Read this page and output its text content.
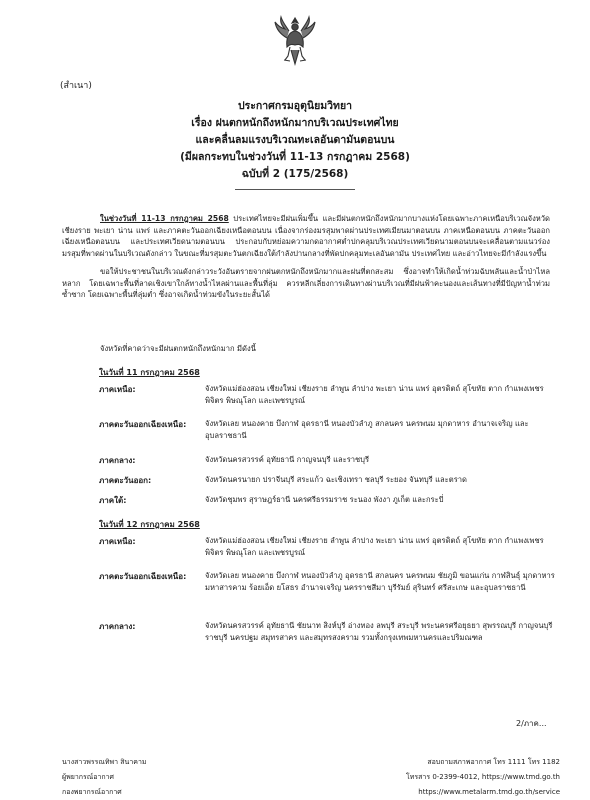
(สำเนา)
ประกาศกรมอุตุนิยมวิทยา
เรื่อง ฝนตกหนักถึงหนักมากบริเวณประเทศไทย
และคลื่นลมแรงบริเวณทะเลอันดามันตอนบน
(มีผลกระทบในช่วงวันที่ 11-13 กรกฎาคม 2568)
ฉบับที่ 2 (175/2568)
ในช่วงวันที่ 11-13 กรกฎาคม 2568 ประเทศไทยจะมีฝนเพิ่มขึ้น และมีฝนตกหนักถึงหนักมากบางแห่งโดยเฉพาะภาคเหนือบริเวณจังหวัดเชียงราย พะเยา น่าน แพร่ และภาคตะวันออกเฉียงเหนือตอนบน เนื่องจากร่องมรสุมพาดผ่านประเทศเมียนมาตอนบน ภาคเหนือตอนบน ภาคตะวันออกเฉียงเหนือตอนบน และประเทศเวียดนามตอนบน ประกอบกับหย่อมความกดอากาศต่ำปกคลุมบริเวณประเทศเวียดนามตอนบนจะเคลื่อนตามแนวร่องมรสุมที่พาดผ่านในบริเวณดังกล่าว ในขณะที่มรสุมตะวันตกเฉียงใต้กำลังปานกลางที่พัดปกคลุมทะเลอันดามัน ประเทศไทย และอ่าวไทยจะมีกำลังแรงขึ้น
ขอให้ประชาชนในบริเวณดังกล่าวระวังอันตรายจากฝนตกหนักถึงหนักมากและฝนที่ตกสะสม ซึ่งอาจทำให้เกิดน้ำท่วมฉับพลันและน้ำป่าไหลหลาก โดยเฉพาะพื้นที่ลาดเชิงเขาใกล้ทางน้ำไหลผ่านและพื้นที่ลุ่ม ควรหลีกเลี่ยงการเดินทางผ่านบริเวณที่มีฝนฟ้าคะนองและเส้นทางที่มีปัญหาน้ำท่วมซ้ำซาก โดยเฉพาะพื้นที่ลุ่มต่ำ ซึ่งอาจเกิดน้ำท่วมขังในระยะสั้นได้
จังหวัดที่คาดว่าจะมีฝนตกหนักถึงหนักมาก มีดังนี้
ในวันที่ 11 กรกฎาคม 2568
ภาคเหนือ:	จังหวัดแม่ฮ่องสอน เชียงใหม่ เชียงราย ลำพูน ลำปาง พะเยา น่าน แพร่ อุตรดิตถ์ สุโขทัย ตาก กำแพงเพชร พิจิตร พิษณุโลก และเพชรบูรณ์
ภาคตะวันออกเฉียงเหนือ: จังหวัดเลย หนองคาย บึงกาฬ อุดรธานี หนองบัวลำภู สกลนคร นครพนม มุกดาหาร อำนาจเจริญ และอุบลราชธานี
ภาคกลาง:	จังหวัดนครสวรรค์ อุทัยธานี กาญจนบุรี และราชบุรี
ภาคตะวันออก:	จังหวัดนครนายก ปราจีนบุรี สระแก้ว ฉะเชิงเทรา ชลบุรี ระยอง จันทบุรี และตราด
ภาคใต้:	จังหวัดชุมพร สุราษฎร์ธานี นครศรีธรรมราช ระนอง พังงา ภูเก็ต และกระบี่
ในวันที่ 12 กรกฎาคม 2568
ภาคเหนือ:	จังหวัดแม่ฮ่องสอน เชียงใหม่ เชียงราย ลำพูน ลำปาง พะเยา น่าน แพร่ อุตรดิตถ์ สุโขทัย ตาก กำแพงเพชร พิจิตร พิษณุโลก และเพชรบูรณ์
ภาคตะวันออกเฉียงเหนือ: จังหวัดเลย หนองคาย บึงกาฬ หนองบัวลำภู อุดรธานี สกลนคร นครพนม ชัยภูมิ ขอนแก่น กาฬสินธุ์ มุกดาหาร มหาสารคาม ร้อยเอ็ด ยโสธร อำนาจเจริญ นครราชสีมา บุรีรัมย์ สุรินทร์ ศรีสะเกษ และอุบลราชธานี
ภาคกลาง:	จังหวัดนครสวรรค์ อุทัยธานี ชัยนาท สิงห์บุรี อ่างทอง ลพบุรี สระบุรี พระนครศรีอยุธยา สุพรรณบุรี กาญจนบุรี ราชบุรี นครปฐม สมุทรสาคร และสมุทรสงคราม รวมทั้งกรุงเทพมหานครและปริมณฑล
2/ภาค...
นางสาวพรรณทิพา สินาคาม
ผู้พยากรณ์อากาศ
กองพยากรณ์อากาศ
สอบถามสภาพอากาศ โทร 1111 โทร 1182
โทรสาร 0-2399-4012, https://www.tmd.go.th
https://www.metalarm.tmd.go.th/service
